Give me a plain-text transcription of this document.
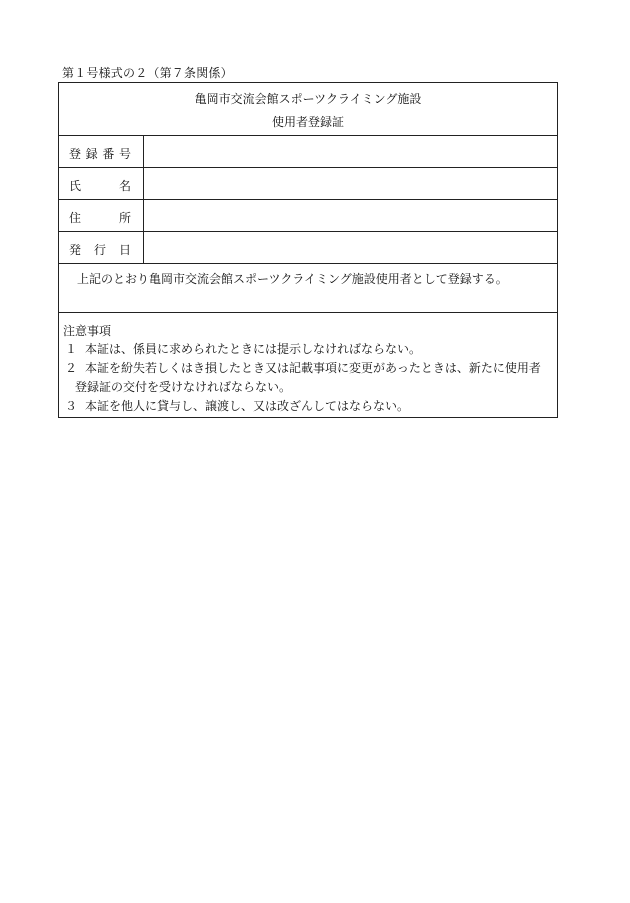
第１号様式の２（第７条関係）
亀岡市交流会館スポーツクライミング施設
使用者登録証
登録番号
氏名
住所
発行日
上記のとおり亀岡市交流会館スポーツクライミング施設使用者として登録する。
注意事項
１ 本証は、係員に求められたときには提示しなければならない。
２ 本証を紛失若しくはき損したとき又は記載事項に変更があったときは、新たに使用者
登録証の交付を受けなければならない。
３ 本証を他人に貸与し、譲渡し、又は改ざんしてはならない。
